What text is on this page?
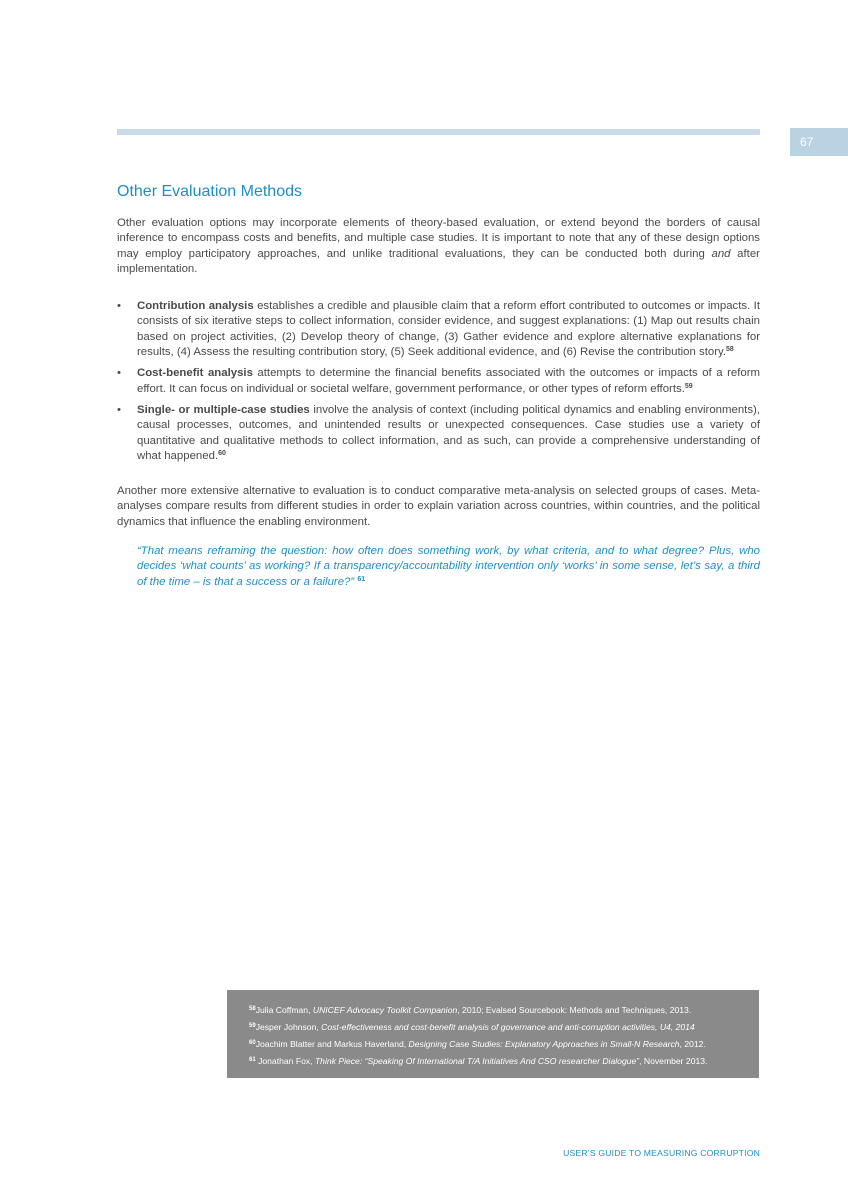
67
Other Evaluation Methods

Other evaluation options may incorporate elements of theory-based evaluation, or extend beyond the borders of causal inference to encompass costs and benefits, and multiple case studies. It is important to note that any of these design options may employ participatory approaches, and unlike traditional evaluations, they can be conducted both during and after implementation.

• Contribution analysis establishes a credible and plausible claim that a reform effort contributed to outcomes or impacts. It consists of six iterative steps to collect information, consider evidence, and suggest explanations: (1) Map out results chain based on project activities, (2) Develop theory of change, (3) Gather evidence and explore alternative explanations for results, (4) Assess the resulting contribution story, (5) Seek additional evidence, and (6) Revise the contribution story.$^{58}$
• Cost-benefit analysis attempts to determine the financial benefits associated with the outcomes or impacts of a reform effort. It can focus on individual or societal welfare, government performance, or other types of reform efforts.$^{59}$
• Single- or multiple-case studies involve the analysis of context (including political dynamics and enabling environments), causal processes, outcomes, and unintended results or unexpected consequences. Case studies use a variety of quantitative and qualitative methods to collect information, and as such, can provide a comprehensive understanding of what happened.$^{60}$

Another more extensive alternative to evaluation is to conduct comparative meta-analysis on selected groups of cases. Meta-analyses compare results from different studies in order to explain variation across countries, within countries, and the political dynamics that influence the enabling environment.

“That means reframing the question: how often does something work, by what criteria, and to what degree? Plus, who decides ‘what counts’ as working? If a transparency/accountability intervention only ‘works’ in some sense, let’s say, a third of the time – is that a success or a failure?” $^{61}$
$^{58}$Julia Coffman, UNICEF Advocacy Toolkit Companion, 2010; Evalsed Sourcebook: Methods and Techniques, 2013.
$^{59}$Jesper Johnson, Cost-effectiveness and cost-benefit analysis of governance and anti-corruption activities, U4, 2014
$^{60}$Joachim Blatter and Markus Haverland, Designing Case Studies: Explanatory Approaches in Small-N Research, 2012.
$^{61}$ Jonathan Fox, Think Piece: “Speaking Of International T/A Initiatives And CSO researcher Dialogue”, November 2013.
USER’S GUIDE TO MEASURING CORRUPTION
